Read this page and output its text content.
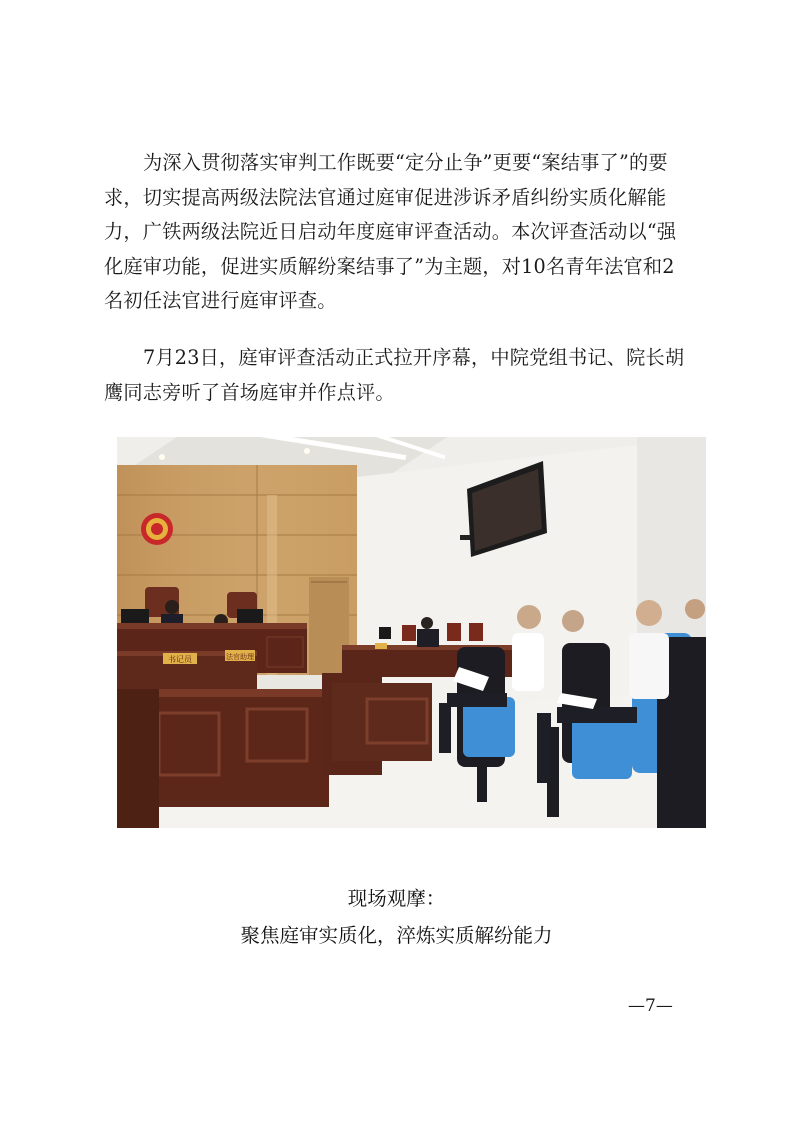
为深入贯彻落实审判工作既要“定分止争”更要“案结事了”的要求，切实提高两级法院法官通过庭审促进涉诉矛盾纠纷实质化解能力，广铁两级法院近日启动年度庭审评查活动。本次评查活动以“强化庭审功能，促进实质解纷案结事了”为主题，对10名青年法官和2名初任法官进行庭审评查。

7月23日，庭审评查活动正式拉开序幕，中院党组书记、院长胡鹰同志旁听了首场庭审并作点评。

书记员	法官助理
现场观摩：
聚焦庭审实质化，淬炼实质解纷能力
—7—
